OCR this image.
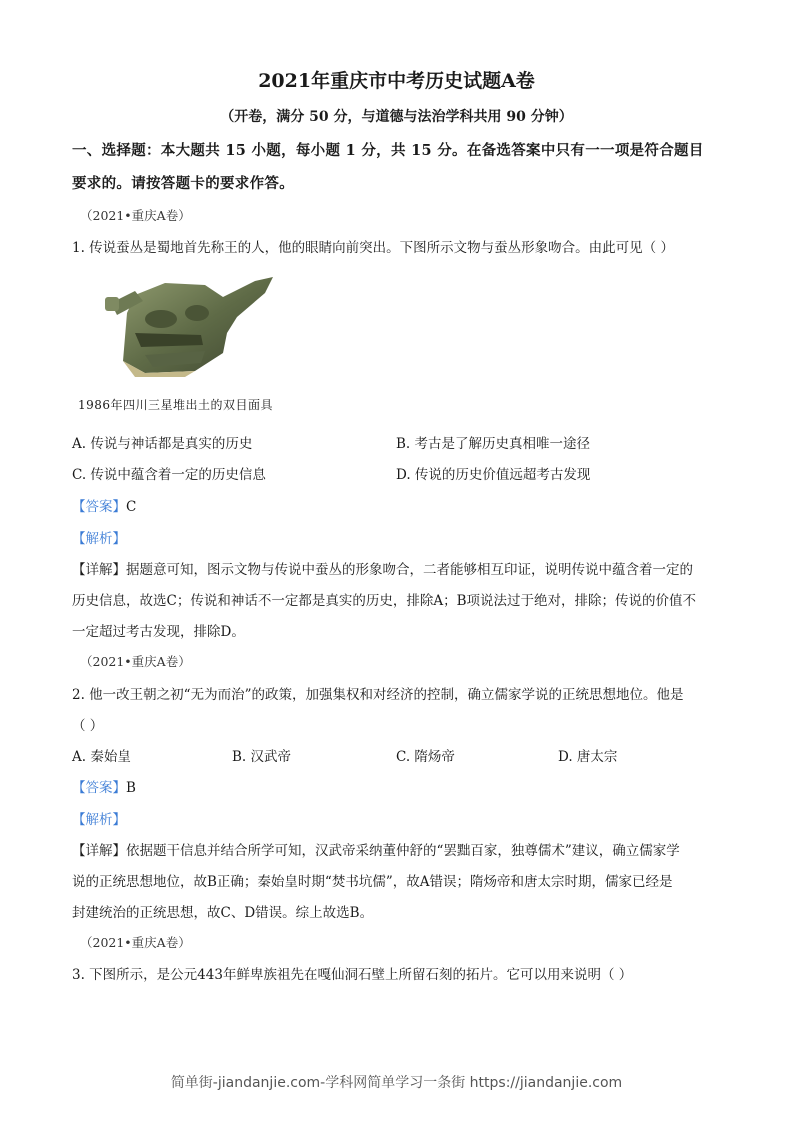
2021年重庆市中考历史试题A卷
（开卷，满分 50 分，与道德与法治学科共用 90 分钟）
一、选择题：本大题共 15 小题，每小题 1 分，共 15 分。在备选答案中只有一一项是符合题目
要求的。请按答题卡的要求作答。
（2021•重庆A卷）
1. 传说蚕丛是蜀地首先称王的人，他的眼睛向前突出。下图所示文物与蚕丛形象吻合。由此可见（ ）
1986年四川三星堆出土的双目面具
A. 传说与神话都是真实的历史	B. 考古是了解历史真相唯一途径
C. 传说中蕴含着一定的历史信息	D. 传说的历史价值远超考古发现
【答案】C
【解析】
【详解】据题意可知，图示文物与传说中蚕丛的形象吻合，二者能够相互印证，说明传说中蕴含着一定的
历史信息，故选C；传说和神话不一定都是真实的历史，排除A；B项说法过于绝对，排除；传说的价值不
一定超过考古发现，排除D。
（2021•重庆A卷）
2. 他一改王朝之初“无为而治”的政策，加强集权和对经济的控制，确立儒家学说的正统思想地位。他是
（ ）
A. 秦始皇	B. 汉武帝	C. 隋炀帝	D. 唐太宗
【答案】B
【解析】
【详解】依据题干信息并结合所学可知，汉武帝采纳董仲舒的“罢黜百家，独尊儒术”建议，确立儒家学
说的正统思想地位，故B正确；秦始皇时期“焚书坑儒”，故A错误；隋炀帝和唐太宗时期，儒家已经是
封建统治的正统思想，故C、D错误。综上故选B。
（2021•重庆A卷）
3. 下图所示，是公元443年鲜卑族祖先在嘎仙洞石壁上所留石刻的拓片。它可以用来说明（ ）
简单街-jiandanjie.com-学科网简单学习一条街 https://jiandanjie.com
